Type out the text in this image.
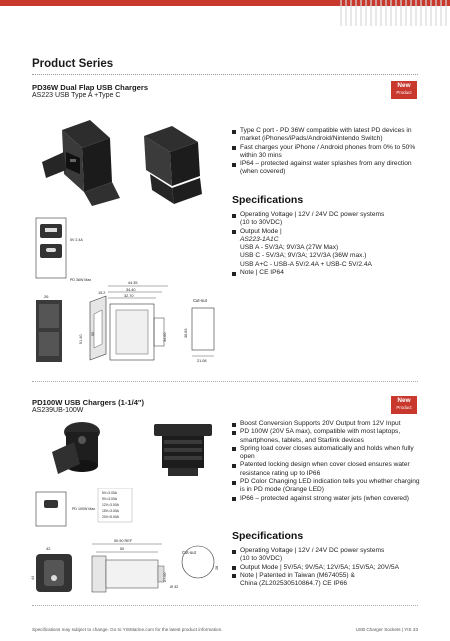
Product Series
PD36W Dual Flap USB Chargers
AS223 USB Type A +Type C
New
Product
Type C port - PD 36W compatible with latest PD devices in market (iPhones/iPads/Android/Nintendo Switch)
Fast charges your iPhone / Android phones from 0% to 50% within 30 mins
IP64 – protected against water splashes from any direction (when covered)
Specifications
Operating Voltage | 12V / 24V DC power systems
(10 to 30VDC)
Output Mode |
AS223-1A1C
USB A - 5V/3A; 9V/3A (27W Max)
USB C - 5V/3A; 9V/3A; 12V/3A (36W max.)
USB A+C - USB-A 5V/2.4A + USB-C 5V/2.4A
Note | CE IP64
5V 2.4A
PD 36W Max
26
15.2
44.35
34.40
32.70
51.40
50	34.60
Cut-out
36.83
21.08
PD100W USB Chargers (1-1/4")
AS239UB-100W
New
Product
Boost Conversion Supports 20V Output from 12V Input
PD 100W (20V 5A max), compatible with most laptops, smartphones, tablets, and Starlink devices
Spring load cover closes automatically and holds when fully open
Patented locking design when cover closed ensures water resistance rating up to IP66
PD Color Changing LED indication tells you whether charging is in PD mode (Orange LED)
IP66 – protected against strong water jets (when covered)
Specifications
Operating Voltage | 12V / 24V DC power systems
(10 to 30VDC)
Output Mode | 5V/5A; 9V/5A; 12V/5A; 15V/5A; 20V/5A
Note | Patented in Taiwan (M674055) &
China (ZL202530510864.7) CE IP66
PD 100W Max
5V=3.00A
9V=3.00A
12V=3.00A
15V=3.00A
20V=5.00A
42
44
50.90 REF
50
27.00
Cut-out
Ø 32
28
Specifications may subject to change. Go to YISMarine.com for the latest product information.	USB Charger Sockets | YIS 33
